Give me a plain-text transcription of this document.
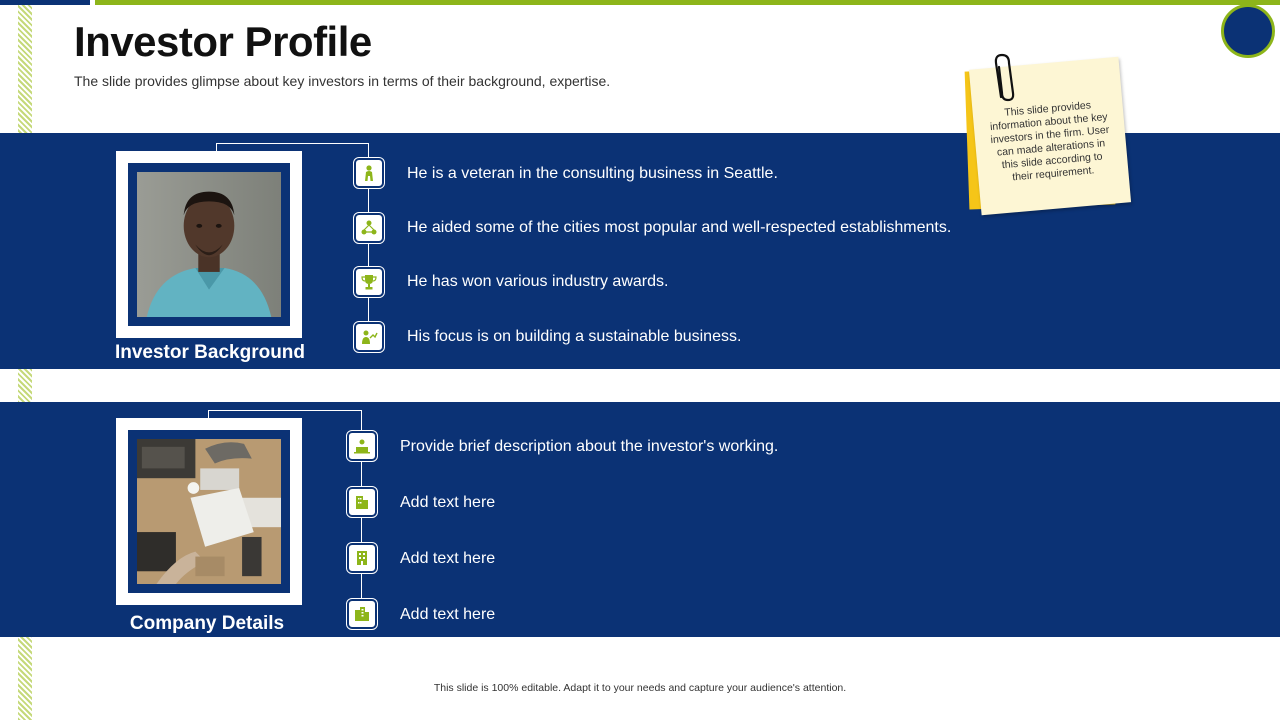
Investor Profile

The slide provides glimpse about key investors in terms of their background, expertise.

Investor Background
He is a veteran in the consulting business in Seattle.
He aided some of the cities most popular and well-respected establishments.
He has won various industry awards.
His focus is on building a sustainable business.
Company Details
Provide brief description about the investor's working.
Add text here
Add text here
Add text here
This slide provides information about the key investors in the firm. User can made alterations in this slide according to their requirement.
This slide is 100% editable. Adapt it to your needs and capture your audience's attention.
